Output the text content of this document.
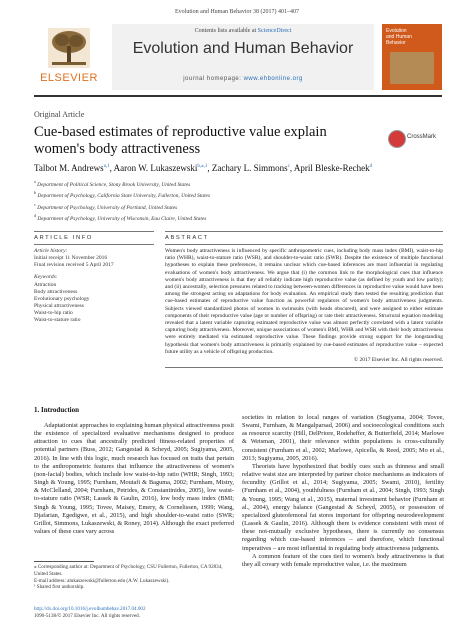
Evolution and Human Behavior 38 (2017) 401–407
ELSEVIER
Contents lists available at ScienceDirect
Evolution and Human Behavior
journal homepage: www.ehbonline.org
Evolution
and Human
Behavior
Original Article
Cue-based estimates of reproductive value explain women's body attractiveness
CrossMark
Talbot M. Andrews$^{a,1}$, Aaron W. Lukaszewski$^{b,⁎,1}$, Zachary L. Simmons$^c$, April Bleske-Rechek$^d$
$^a$ Department of Political Science, Stony Brook University, United States
$^b$ Department of Psychology, California State University, Fullerton, United States
$^c$ Department of Psychology, University of Portland, United States
$^d$ Department of Psychology, University of Wisconsin, Eau Claire, United States
ARTICLE INFO
Article history:
Initial receipt 11 November 2016
Final revision received 5 April 2017
Keywords:
Attraction
Body attractiveness
Evolutionary psychology
Physical attractiveness
Waist-to-hip ratio
Waist-to-stature ratio
ABSTRACT
Women's body attractiveness is influenced by specific anthropometric cues, including body mass index (BMI), waist-to-hip ratio (WHR), waist-to-stature ratio (WSR), and shoulder-to-waist ratio (SWR). Despite the existence of multiple functional hypotheses to explain these preferences, it remains unclear which cue-based inferences are most influential in regulating evaluations of women's body attractiveness. We argue that (i) the common link to the morphological cues that influence women's body attractiveness is that they all reliably indicate high reproductive value (as defined by youth and low parity); and (ii) ancestrally, selection pressures related to tracking between-women differences in reproductive value would have been among the strongest acting on adaptations for body evaluation. An empirical study then tested the resulting prediction that cue-based estimates of reproductive value function as powerful regulators of women's body attractiveness judgments. Subjects viewed standardized photos of women in swimsuits (with heads obscured), and were assigned to either estimate components of their reproductive value (age or number of offspring) or rate their attractiveness. Structural equation modeling revealed that a latent variable capturing estimated reproductive value was almost perfectly correlated with a latent variable capturing body attractiveness. Moreover, unique associations of women's BMI, WHR and WSR with their body attractiveness were entirely mediated via estimated reproductive value. These findings provide strong support for the longstanding hypothesis that women's body attractiveness is primarily explained by cue-based estimates of reproductive value – expected future utility as a vehicle of offspring production.
© 2017 Elsevier Inc. All rights reserved.
1. Introduction
Adaptationist approaches to explaining human physical attractiveness posit the existence of specialized evaluative mechanisms designed to produce attraction to cues that ancestrally predicted fitness-related properties of potential partners (Buss, 2012; Gangestad & Scheyd, 2005; Sugiyama, 2005, 2016). In line with this logic, much research has focused on traits that pertain to the anthropometric features that influence the attractiveness of women's (non-facial) bodies, which include low waist-to-hip ratio (WHR; Singh, 1993; Singh & Young, 1995; Furnham, Moutafi & Baguma, 2002; Furnham, Mistry, & McClelland, 2004; Furnham, Petrides, & Constantinides, 2005), low waist-to-stature ratio (WSR; Lassek & Gaulin, 2016), low body mass index (BMI; Singh & Young, 1995; Tovee, Maisey, Emery, & Cornelissen, 1999; Wang, Djafarian, Egedigwe, et al., 2015), and high shoulder-to-waist ratio (SWR; Grillot, Simmons, Lukaszewski, & Roney, 2014). Although the exact preferred values of these cues vary across
societies in relation to local ranges of variation (Sugiyama, 2004; Tovee, Swami, Furnham, & Mangalparsad, 2006) and socioecological conditions such as resource scarcity (Hill, DelPriore, Rodeheffer, & Butterfield, 2014; Marlowe & Wetsman, 2001), their relevance within populations is cross-culturally consistent (Furnham et al., 2002; Marlowe, Apicella, & Reed, 2005; Mo et al., 2013; Sugiyama, 2005, 2016).
Theorists have hypothesized that bodily cues such as thinness and small relative waist size are interpreted by partner choice mechanisms as indicators of fecundity (Grillot et al., 2014; Sugiyama, 2005; Swami, 2010), fertility (Furnham et al., 2004), youthfulness (Furnham et al., 2004; Singh, 1993; Singh & Young, 1995; Wang et al., 2015), maternal investment behavior (Furnham et al., 2004), energy balance (Gangestad & Scheyd, 2005), or possession of specialized gluteofemoral fat stores important for offspring neurodevelopment (Lassek & Gaulin, 2016). Although there is evidence consistent with most of these not-mutually exclusive hypotheses, there is currently no consensus regarding which cue-based inferences – and therefore, which functional imperatives – are most influential in regulating body attractiveness judgments.
A common feature of the cues tied to women's body attractiveness is that they all covary with female reproductive value, i.e. the maximum
⁎ Corresponding author at: Department of Psychology, CSU Fullerton, Fullerton, CA 92834, United States.
E-mail address: alukaszewski@fullerton.edu (A.W. Lukaszewski).
¹ Shared first authorship.
http://dx.doi.org/10.1016/j.evolhumbehav.2017.04.002
1090-5138/© 2017 Elsevier Inc. All rights reserved.
